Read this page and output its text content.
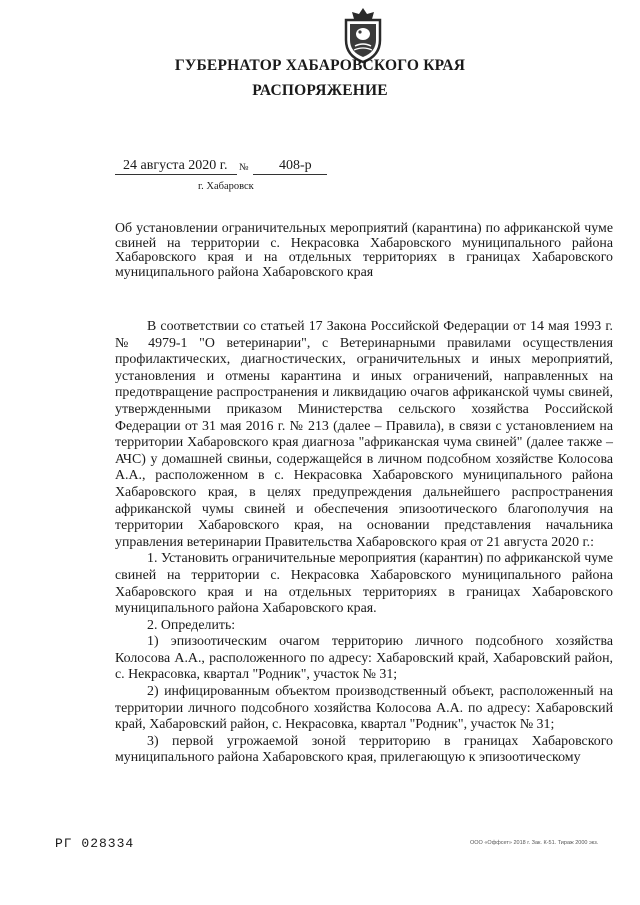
ГУБЕРНАТОР ХАБАРОВСКОГО КРАЯ
РАСПОРЯЖЕНИЕ
24 августа 2020 г. № 408-р
г. Хабаровск

Об установлении ограничительных мероприятий (карантина) по африканской чуме свиней на территории с. Некрасовка Хабаровского муниципального района Хабаровского края и на отдельных территориях в границах Хабаровского муниципального района Хабаровского края

В соответствии со статьей 17 Закона Российской Федерации от 14 мая 1993 г. № 4979-1 "О ветеринарии", с Ветеринарными правилами осуществления профилактических, диагностических, ограничительных и иных мероприятий, установления и отмены карантина и иных ограничений, направленных на предотвращение распространения и ликвидацию очагов африканской чумы свиней, утвержденными приказом Министерства сельского хозяйства Российской Федерации от 31 мая 2016 г. № 213 (далее – Правила), в связи с установлением на территории Хабаровского края диагноза "африканская чума свиней" (далее также – АЧС) у домашней свиньи, содержащейся в личном подсобном хозяйстве Колосова А.А., расположенном в с. Некрасовка Хабаровского муниципального района Хабаровского края, в целях предупреждения дальнейшего распространения африканской чумы свиней и обеспечения эпизоотического благополучия на территории Хабаровского края, на основании представления начальника управления ветеринарии Правительства Хабаровского края от 21 августа 2020 г.:

1. Установить ограничительные мероприятия (карантин) по африканской чуме свиней на территории с. Некрасовка Хабаровского муниципального района Хабаровского края и на отдельных территориях в границах Хабаровского муниципального района Хабаровского края.

2. Определить:

1) эпизоотическим очагом территорию личного подсобного хозяйства Колосова А.А., расположенного по адресу: Хабаровский край, Хабаровский район, с. Некрасовка, квартал "Родник", участок № 31;

2) инфицированным объектом производственный объект, расположенный на территории личного подсобного хозяйства Колосова А.А. по адресу: Хабаровский край, Хабаровский район, с. Некрасовка, квартал "Родник", участок № 31;

3) первой угрожаемой зоной территорию в границах Хабаровского муниципального района Хабаровского края, прилегающую к эпизоотическому

РГ 028334	ООО «Оффсет» 2018 г. Зак. К-51. Тираж 2000 экз.
